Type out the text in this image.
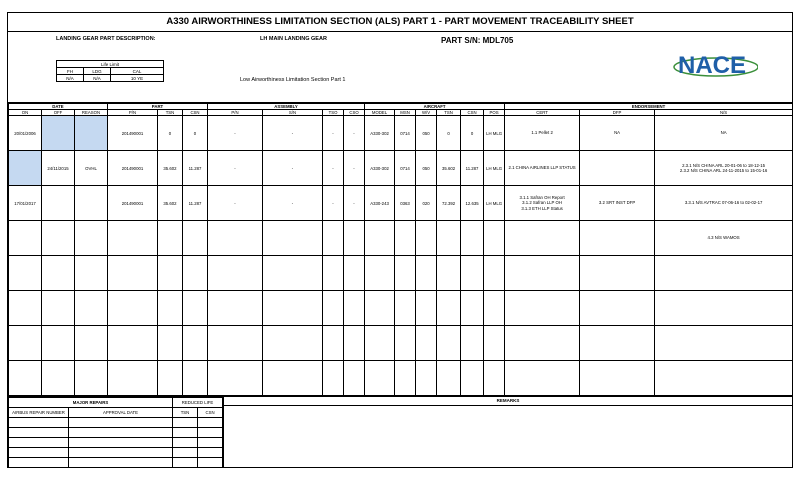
A330 AIRWORTHINESS LIMITATION SECTION (ALS) PART 1 - PART MOVEMENT TRACEABILITY SHEET
LANDING GEAR PART DESCRIPTION:	LH MAIN LANDING GEAR
Low Airworthiness Limitation Section Part 1
PART S/N: MDL705
Life Limit		
FH	LDG	CAL
N/A	N/A	10 YE	NACE
DATE			PART			ASSEMBLY				AIRCRAFT						ENDORSEMENT		
ON	OFF	REASON	P/N	TSN	CSN	P/N	S/N	TSO	CSO	MODEL	MSN	W/V	TSN	CSN	POS	CERT	DFP	N/S
20/01/2006			201490001	0	0	-	-	-	-	A330-302	0714	050	0	0	LH MLG	1.1 Pellet 2	NA	NA
	24/11/2015	OVHL	201490001	35.602	11.287	-	-	-	-	A330-302	0714	050	35.602	11.287	LH MLG	2.1 CHINA AIRLINES LLP STATUS		2.3.1 N/S CHINA ARL 20-01-06 to 18-12-15
2.3.2 N/S CHINA ARL 24-11-2015 to 15-01-16
17/01/2017			201490001	35.602	11.287	-	-	-	-	A330-243	0363	020	72.392	12.635	LH MLG	3.1.1 Safran OH Report
3.1.2 Safran LLP OH
3.1.3 ETH LLP Status	3.2 SRT INST DFP	3.3.1 N/S AVTRAC 07-06-16 to 02-02-17
																		4.3 N/S WAMOS

MAJOR REPAIRS		REDUCED LIFE	
AIRBUS REPAIR NUMBER	APPROVAL DATE	TSN	CSN

REMARKS
